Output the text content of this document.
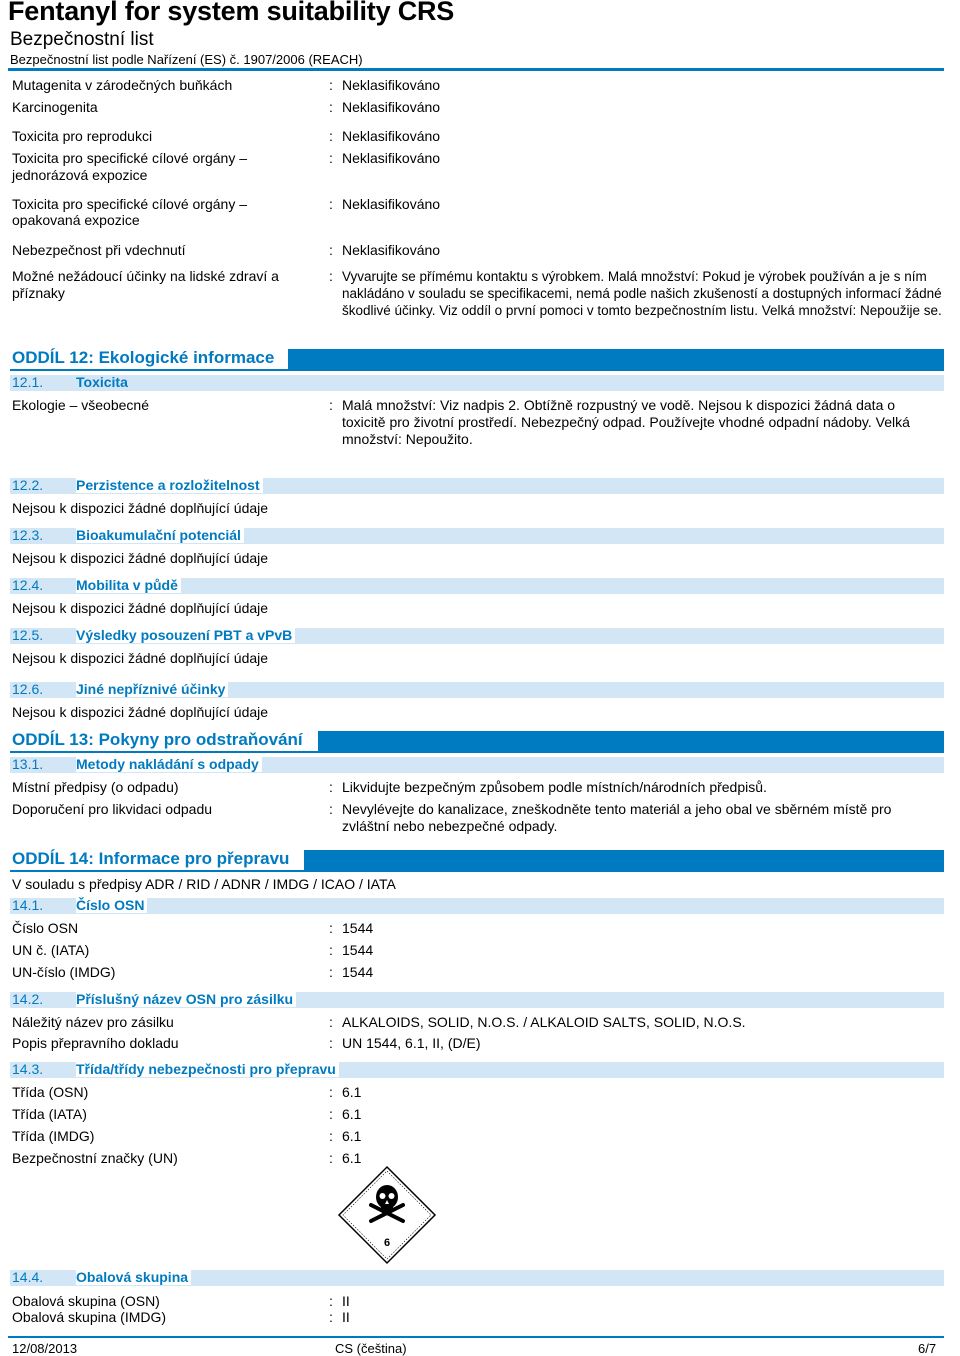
Fentanyl for system suitability CRS
Bezpečnostní list
Bezpečnostní list podle Nařízení (ES) č. 1907/2006 (REACH)
Mutagenita v zárodečných buňkách	: Neklasifikováno
Karcinogenita	: Neklasifikováno
Toxicita pro reprodukci	: Neklasifikováno
Toxicita pro specifické cílové orgány –
jednorázová expozice
: Neklasifikováno
Toxicita pro specifické cílové orgány –
opakovaná expozice
: Neklasifikováno
Nebezpečnost při vdechnutí	: Neklasifikováno
Možné nežádoucí účinky na lidské zdraví a
příznaky
: Vyvarujte se přímému kontaktu s výrobkem. Malá množství: Pokud je výrobek používán a je s ním nakládáno v souladu se specifikacemi, nemá podle našich zkušeností a dostupných informací žádné škodlivé účinky. Viz oddíl o první pomoci v tomto bezpečnostním listu. Velká množství: Nepoužije se.
ODDÍL 12: Ekologické informace
12.1. Toxicita
Ekologie – všeobecné	: Malá množství: Viz nadpis 2. Obtížně rozpustný ve vodě. Nejsou k dispozici žádná data o toxicitě pro životní prostředí. Nebezpečný odpad. Používejte vhodné odpadní nádoby. Velká množství: Nepoužito.
12.2. Perzistence a rozložitelnost
Nejsou k dispozici žádné doplňující údaje
12.3. Bioakumulační potenciál
Nejsou k dispozici žádné doplňující údaje
12.4. Mobilita v půdě
Nejsou k dispozici žádné doplňující údaje
12.5. Výsledky posouzení PBT a vPvB
Nejsou k dispozici žádné doplňující údaje
12.6. Jiné nepříznivé účinky
Nejsou k dispozici žádné doplňující údaje
ODDÍL 13: Pokyny pro odstraňování
13.1. Metody nakládání s odpady
Místní předpisy (o odpadu)	: Likvidujte bezpečným způsobem podle místních/národních předpisů.
Doporučení pro likvidaci odpadu	: Nevylévejte do kanalizace, zneškodněte tento materiál a jeho obal ve sběrném místě pro zvláštní nebo nebezpečné odpady.
ODDÍL 14: Informace pro přepravu
V souladu s předpisy ADR / RID / ADNR / IMDG / ICAO / IATA
14.1. Číslo OSN
Číslo OSN	: 1544
UN č. (IATA)	: 1544
UN-číslo (IMDG)	: 1544
14.2. Příslušný název OSN pro zásilku
Náležitý název pro zásilku	: ALKALOIDS, SOLID, N.O.S. / ALKALOID SALTS, SOLID, N.O.S.
Popis přepravního dokladu	: UN 1544, 6.1, II, (D/E)
14.3. Třída/třídy nebezpečnosti pro přepravu
Třída (OSN)	: 6.1
Třída (IATA)	: 6.1
Třída (IMDG)	: 6.1
Bezpečnostní značky (UN)	: 6.1
6
14.4. Obalová skupina
Obalová skupina (OSN)	: II
Obalová skupina (IMDG)	: II
12/08/2013	CS (čeština)	6/7
